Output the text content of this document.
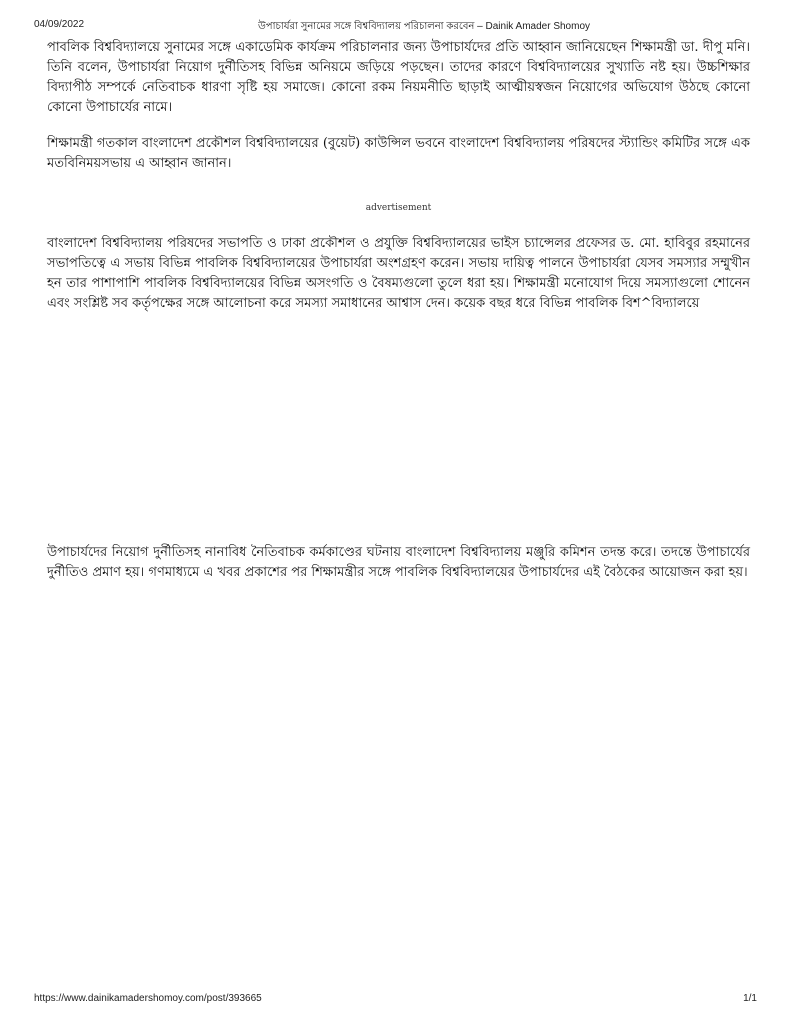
04/09/2022	উপাচার্যরা সুনামের সঙ্গে বিশ্ববিদ্যালয় পরিচালনা করবেন – Dainik Amader Shomoy

পাবলিক বিশ্ববিদ্যালয়ে সুনামের সঙ্গে একাডেমিক কার্যক্রম পরিচালনার জন্য উপাচার্যদের প্রতি আহ্বান জানিয়েছেন শিক্ষামন্ত্রী ডা. দীপু মনি। তিনি বলেন, উপাচার্যরা নিয়োগ দুর্নীতিসহ বিভিন্ন অনিয়মে জড়িয়ে পড়ছেন। তাদের কারণে বিশ্ববিদ্যালয়ের সুখ্যাতি নষ্ট হয়। উচ্চশিক্ষার বিদ্যাপীঠ সম্পর্কে নেতিবাচক ধারণা সৃষ্টি হয় সমাজে। কোনো রকম নিয়মনীতি ছাড়াই আত্মীয়স্বজন নিয়োগের অভিযোগ উঠছে কোনো কোনো উপাচার্যের নামে।

শিক্ষামন্ত্রী গতকাল বাংলাদেশ প্রকৌশল বিশ্ববিদ্যালয়ের (বুয়েট) কাউন্সিল ভবনে বাংলাদেশ বিশ্ববিদ্যালয় পরিষদের স্ট্যান্ডিং কমিটির সঙ্গে এক মতবিনিময়সভায় এ আহ্বান জানান।

advertisement

বাংলাদেশ বিশ্ববিদ্যালয় পরিষদের সভাপতি ও ঢাকা প্রকৌশল ও প্রযুক্তি বিশ্ববিদ্যালয়ের ভাইস চ্যান্সেলর প্রফেসর ড. মো. হাবিবুর রহমানের সভাপতিত্বে এ সভায় বিভিন্ন পাবলিক বিশ্ববিদ্যালয়ের উপাচার্যরা অংশগ্রহণ করেন। সভায় দায়িত্ব পালনে উপাচার্যরা যেসব সমস্যার সম্মুখীন হন তার পাশাপাশি পাবলিক বিশ্ববিদ্যালয়ের বিভিন্ন অসংগতি ও বৈষম্যগুলো তুলে ধরা হয়। শিক্ষামন্ত্রী মনোযোগ দিয়ে সমস্যাগুলো শোনেন এবং সংশ্লিষ্ট সব কর্তৃপক্ষের সঙ্গে আলোচনা করে সমস্যা সমাধানের আশ্বাস দেন। কয়েক বছর ধরে বিভিন্ন পাবলিক বিশ^বিদ্যালয়ে

উপাচার্যদের নিয়োগ দুর্নীতিসহ নানাবিধ নৈতিবাচক কর্মকাণ্ডের ঘটনায় বাংলাদেশ বিশ্ববিদ্যালয় মঞ্জুরি কমিশন তদন্ত করে। তদন্তে উপাচার্যের দুর্নীতিও প্রমাণ হয়। গণমাধ্যমে এ খবর প্রকাশের পর শিক্ষামন্ত্রীর সঙ্গে পাবলিক বিশ্ববিদ্যালয়ের উপাচার্যদের এই বৈঠকের আয়োজন করা হয়।

https://www.dainikamadershomoy.com/post/393665	1/1
